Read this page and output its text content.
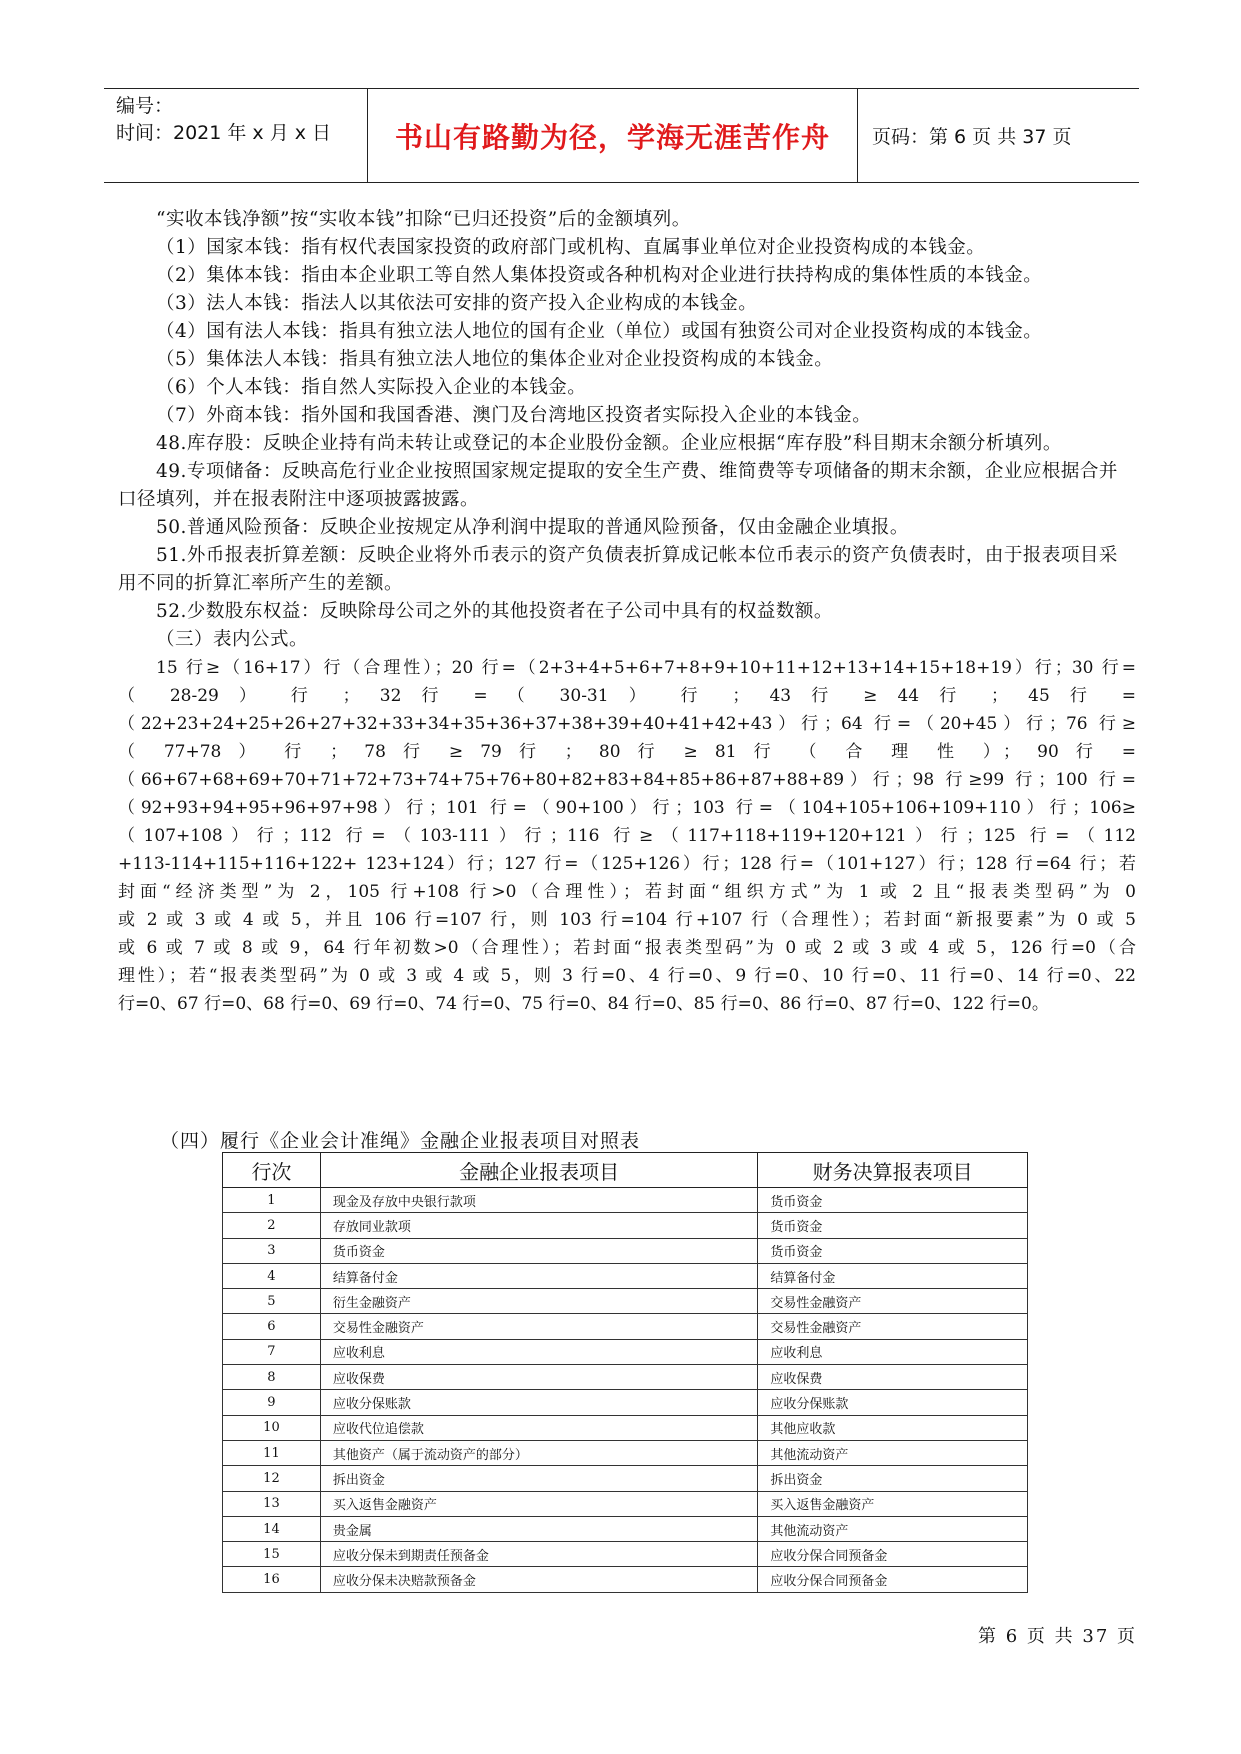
编号：
时间：2021 年 x 月 x 日	书山有路勤为径，学海无涯苦作舟	页码：第 6 页 共 37 页

“实收本钱净额”按“实收本钱”扣除“已归还投资”后的金额填列。

（1）国家本钱：指有权代表国家投资的政府部门或机构、直属事业单位对企业投资构成的本钱金。

（2）集体本钱：指由本企业职工等自然人集体投资或各种机构对企业进行扶持构成的集体性质的本钱金。

（3）法人本钱：指法人以其依法可安排的资产投入企业构成的本钱金。

（4）国有法人本钱：指具有独立法人地位的国有企业（单位）或国有独资公司对企业投资构成的本钱金。

（5）集体法人本钱：指具有独立法人地位的集体企业对企业投资构成的本钱金。

（6）个人本钱：指自然人实际投入企业的本钱金。

（7）外商本钱：指外国和我国香港、澳门及台湾地区投资者实际投入企业的本钱金。

48.库存股：反映企业持有尚未转让或登记的本企业股份金额。企业应根据“库存股”科目期末余额分析填列。

49.专项储备：反映高危行业企业按照国家规定提取的安全生产费、维简费等专项储备的期末余额，企业应根据合并口径填列，并在报表附注中逐项披露披露。

50.普通风险预备：反映企业按规定从净利润中提取的普通风险预备，仅由金融企业填报。

51.外币报表折算差额：反映企业将外币表示的资产负债表折算成记帐本位币表示的资产负债表时，由于报表项目采用不同的折算汇率所产生的差额。

52.少数股东权益：反映除母公司之外的其他投资者在子公司中具有的权益数额。

（三）表内公式。

15 行≥（16+17）行（合理性）；20 行=（2+3+4+5+6+7+8+9+10+11+12+13+14+15+18+19）行；30 行=

（ 28-29 ） 行 ； 32 行 = （ 30-31 ） 行 ； 43 行 ≥ 44 行 ； 45 行 =

（22+23+24+25+26+27+32+33+34+35+36+37+38+39+40+41+42+43）行；64 行=（20+45）行；76 行≥

（ 77+78 ） 行 ； 78 行 ≥ 79 行 ； 80 行 ≥ 81 行 （ 合 理 性 ）； 90 行 =

（66+67+68+69+70+71+72+73+74+75+76+80+82+83+84+85+86+87+88+89）行；98 行≥99 行；100 行=

（92+93+94+95+96+97+98）行；101 行=（90+100）行；103 行=（104+105+106+109+110）行；106≥

（107+108）行；112 行=（103-111）行；116 行≥（117+118+119+120+121）行；125 行=（112

+113-114+115+116+122+ 123+124）行；127 行=（125+126）行；128 行=（101+127）行；128 行=64 行；若

封面“经济类型”为 2，105 行+108 行>0（合理性）；若封面“组织方式”为 1 或 2 且“报表类型码”为 0

或 2 或 3 或 4 或 5，并且 106 行=107 行，则 103 行=104 行+107 行（合理性）；若封面“新报要素”为 0 或 5

或 6 或 7 或 8 或 9，64 行年初数>0（合理性）；若封面“报表类型码”为 0 或 2 或 3 或 4 或 5，126 行=0（合

理性）；若“报表类型码”为 0 或 3 或 4 或 5，则 3 行=0、4 行=0、9 行=0、10 行=0、11 行=0、14 行=0、22

行=0、67 行=0、68 行=0、69 行=0、74 行=0、75 行=0、84 行=0、85 行=0、86 行=0、87 行=0、122 行=0。

（四）履行《企业会计准绳》金融企业报表项目对照表
行次	金融企业报表项目	财务决算报表项目
1	现金及存放中央银行款项	货币资金
2	存放同业款项	货币资金
3	货币资金	货币资金
4	结算备付金	结算备付金
5	衍生金融资产	交易性金融资产
6	交易性金融资产	交易性金融资产
7	应收利息	应收利息
8	应收保费	应收保费
9	应收分保账款	应收分保账款
10	应收代位追偿款	其他应收款
11	其他资产（属于流动资产的部分）	其他流动资产
12	拆出资金	拆出资金
13	买入返售金融资产	买入返售金融资产
14	贵金属	其他流动资产
15	应收分保未到期责任预备金	应收分保合同预备金
16	应收分保未决赔款预备金	应收分保合同预备金
第 6 页 共 37 页
